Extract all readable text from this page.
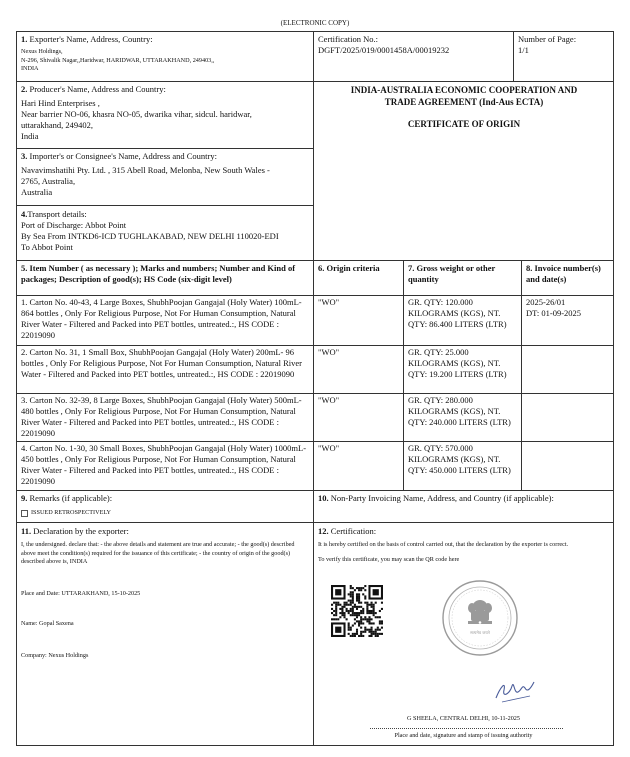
(ELECTRONIC COPY)
1. Exporter's Name, Address, Country:
Nexus Holdings,
N-296, Shivalik Nagar,,Haridwar, HARIDWAR, UTTARAKHAND, 249403,,
INDIA
Certification No.:
DGFT/2025/019/0001458A/00019232
Number of Page:
1/1
2. Producer's Name, Address and Country:
Hari Hind Enterprises ,
Near barrier NO-06, khasra NO-05, dwarika vihar, sidcul. haridwar,
uttarakhand, 249402,
India
INDIA-AUSTRALIA ECONOMIC COOPERATION AND
TRADE AGREEMENT (Ind-Aus ECTA)
CERTIFICATE OF ORIGIN
3. Importer's or Consignee's Name, Address and Country:
Navavimshatihi Pty. Ltd. , 315 Abell Road, Melonba, New South Wales -
2765, Australia,
Australia
4.Transport details:
Port of Discharge: Abbot Point
By Sea From INTKD6-ICD TUGHLAKABAD, NEW DELHI 110020-EDI
To Abbot Point
5. Item Number ( as necessary ); Marks and numbers; Number and Kind of packages; Description of good(s); HS Code (six-digit level)
6. Origin criteria	7. Gross weight or other quantity
8. Invoice number(s) and date(s)
1. Carton No. 40-43, 4 Large Boxes, ShubhPoojan Gangajal (Holy Water) 100mL- 864 bottles , Only For Religious Purpose, Not For Human Consumption, Natural River Water - Filtered and Packed into PET bottles, untreated.:, HS CODE : 22019090
"WO"	GR. QTY: 120.000 KILOGRAMS (KGS), NT. QTY: 86.400 LITERS (LTR)
2025-26/01
DT: 01-09-2025
2. Carton No. 31, 1 Small Box, ShubhPoojan Gangajal (Holy Water) 200mL- 96 bottles , Only For Religious Purpose, Not For Human Consumption, Natural River Water - Filtered and Packed into PET bottles, untreated.:, HS CODE : 22019090
"WO"	GR. QTY: 25.000 KILOGRAMS (KGS), NT. QTY: 19.200 LITERS (LTR)
3. Carton No. 32-39, 8 Large Boxes, ShubhPoojan Gangajal (Holy Water) 500mL- 480 bottles , Only For Religious Purpose, Not For Human Consumption, Natural River Water - Filtered and Packed into PET bottles, untreated.:, HS CODE : 22019090
"WO"	GR. QTY: 280.000 KILOGRAMS (KGS), NT. QTY: 240.000 LITERS (LTR)
4. Carton No. 1-30, 30 Small Boxes, ShubhPoojan Gangajal (Holy Water) 1000mL- 450 bottles , Only For Religious Purpose, Not For Human Consumption, Natural River Water - Filtered and Packed into PET bottles, untreated.:, HS CODE : 22019090
"WO"	GR. QTY: 570.000 KILOGRAMS (KGS), NT. QTY: 450.000 LITERS (LTR)
9. Remarks (if applicable):
ISSUED RETROSPECTIVELY
10. Non-Party Invoicing Name, Address, and Country (if applicable):
11. Declaration by the exporter:
I, the undersigned. declare that: - the above details and statement are true and accurate; - the good(s) described above meet the condition(s) required for the issuance of this certificate; - the country of origin of the good(s) described above is, INDIA
Place and Date: UTTARAKHAND, 15-10-2025
Name: Gopal Saxena
Company: Nexus Holdings
12. Certification:
It is hereby certified on the basis of control carried out, that the declaration by the exporter is correct.
To verify this certificate, you may scan the QR code here
सत्यमेव जयते
G SHEELA, CENTRAL DELHI, 10-11-2025
Place and date, signature and stamp of issuing authority
